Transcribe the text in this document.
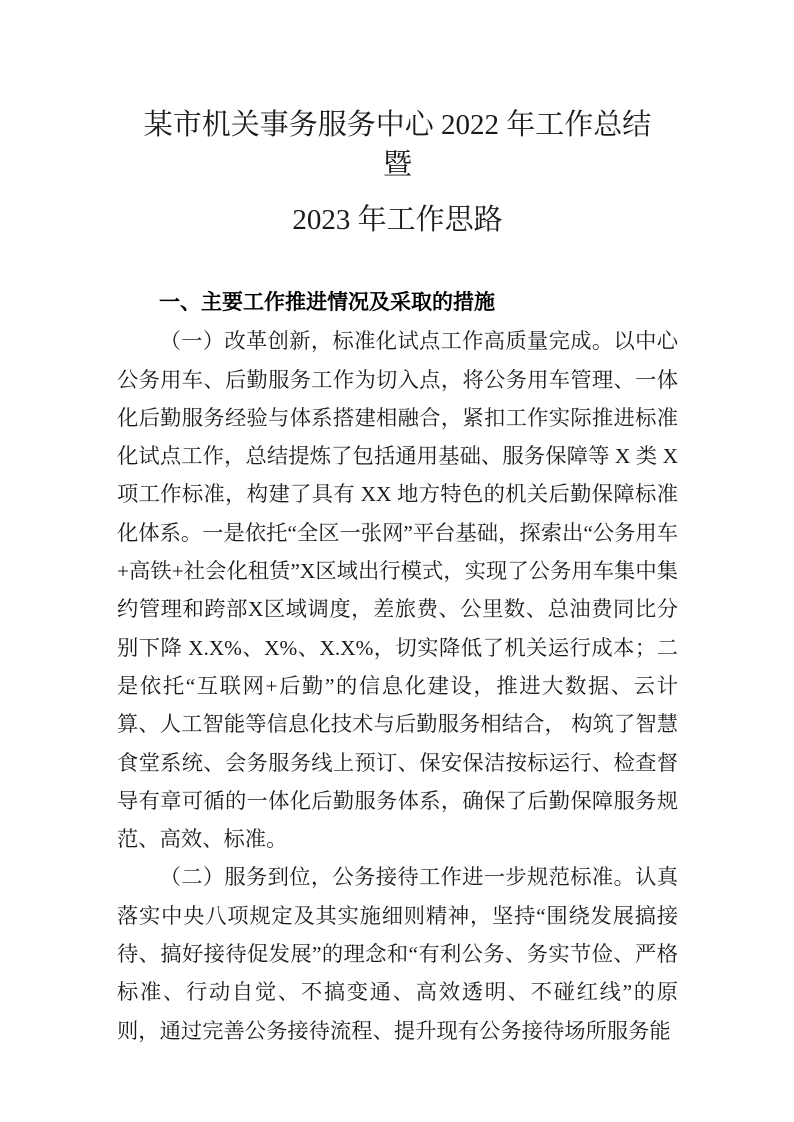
某市机关事务服务中心 2022 年工作总结
暨
2023 年工作思路
一、主要工作推进情况及采取的措施

（一）改革创新，标准化试点工作高质量完成。以中心公务用车、后勤服务工作为切入点，将公务用车管理、一体化后勤服务经验与体系搭建相融合，紧扣工作实际推进标准化试点工作，总结提炼了包括通用基础、服务保障等 X 类 X 项工作标准，构建了具有 XX 地方特色的机关后勤保障标准化体系。一是依托“全区一张网”平台基础，探索出“公务用车+高铁+社会化租赁”X区域出行模式，实现了公务用车集中集约管理和跨部X区域调度，差旅费、公里数、总油费同比分别下降 X.X%、X%、X.X%，切实降低了机关运行成本；二是依托“互联网+后勤”的信息化建设，推进大数据、云计算、人工智能等信息化技术与后勤服务相结合， 构筑了智慧食堂系统、会务服务线上预订、保安保洁按标运行、检查督导有章可循的一体化后勤服务体系，确保了后勤保障服务规范、高效、标准。

（二）服务到位，公务接待工作进一步规范标准。认真落实中央八项规定及其实施细则精神，坚持“围绕发展搞接待、搞好接待促发展”的理念和“有利公务、务实节俭、严格标准、行动自觉、不搞变通、高效透明、不碰红线”的原则，通过完善公务接待流程、提升现有公务接待场所服务能
